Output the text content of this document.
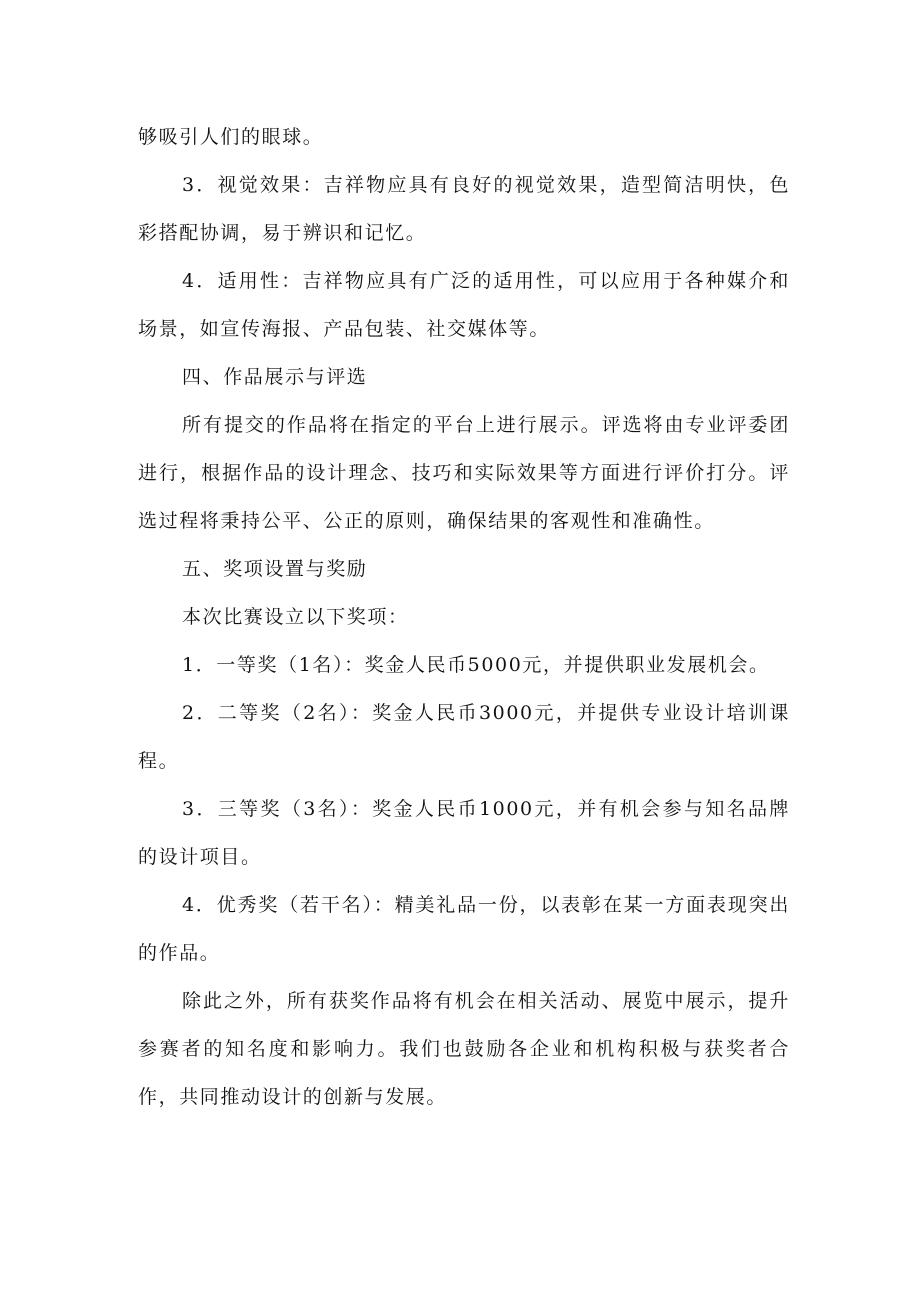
够吸引人们的眼球。

3．视觉效果：吉祥物应具有良好的视觉效果，造型简洁明快，色彩搭配协调，易于辨识和记忆。

4．适用性：吉祥物应具有广泛的适用性，可以应用于各种媒介和场景，如宣传海报、产品包装、社交媒体等。

四、作品展示与评选

所有提交的作品将在指定的平台上进行展示。评选将由专业评委团进行，根据作品的设计理念、技巧和实际效果等方面进行评价打分。评选过程将秉持公平、公正的原则，确保结果的客观性和准确性。

五、奖项设置与奖励

本次比赛设立以下奖项：

1．一等奖（1名）：奖金人民币5000元，并提供职业发展机会。

2．二等奖（2名）：奖金人民币3000元，并提供专业设计培训课程。

3．三等奖（3名）：奖金人民币1000元，并有机会参与知名品牌的设计项目。

4．优秀奖（若干名）：精美礼品一份，以表彰在某一方面表现突出的作品。

除此之外，所有获奖作品将有机会在相关活动、展览中展示，提升参赛者的知名度和影响力。我们也鼓励各企业和机构积极与获奖者合作，共同推动设计的创新与发展。
